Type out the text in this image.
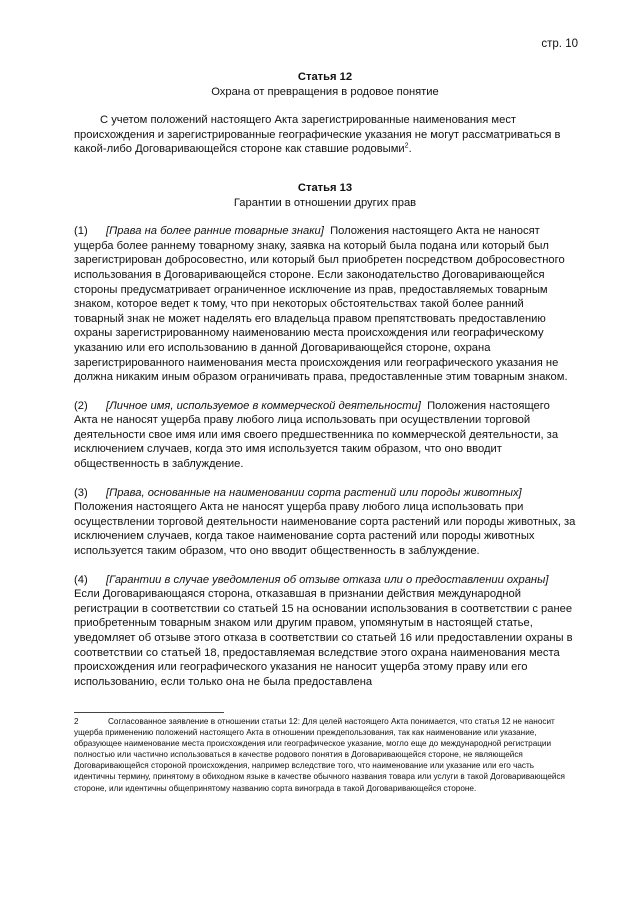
стр. 10

Статья 12

Охрана от превращения в родовое понятие

С учетом положений настоящего Акта зарегистрированные наименования мест происхождения и зарегистрированные географические указания не могут рассматриваться в какой-либо Договаривающейся стороне как ставшие родовыми$^2$.

Статья 13

Гарантии в отношении других прав

(1) [Права на более ранние товарные знаки] Положения настоящего Акта не наносят ущерба более раннему товарному знаку, заявка на который была подана или который был зарегистрирован добросовестно, или который был приобретен посредством добросовестного использования в Договаривающейся стороне. Если законодательство Договаривающейся стороны предусматривает ограниченное исключение из прав, предоставляемых товарным знаком, которое ведет к тому, что при некоторых обстоятельствах такой более ранний товарный знак не может наделять его владельца правом препятствовать предоставлению охраны зарегистрированному наименованию места происхождения или географическому указанию или его использованию в данной Договаривающейся стороне, охрана зарегистрированного наименования места происхождения или географического указания не должна никаким иным образом ограничивать права, предоставленные этим товарным знаком.

(2) [Личное имя, используемое в коммерческой деятельности] Положения настоящего Акта не наносят ущерба праву любого лица использовать при осуществлении торговой деятельности свое имя или имя своего предшественника по коммерческой деятельности, за исключением случаев, когда это имя используется таким образом, что оно вводит общественность в заблуждение.

(3) [Права, основанные на наименовании сорта растений или породы животных] Положения настоящего Акта не наносят ущерба праву любого лица использовать при осуществлении торговой деятельности наименование сорта растений или породы животных, за исключением случаев, когда такое наименование сорта растений или породы животных используется таким образом, что оно вводит общественность в заблуждение.

(4) [Гарантии в случае уведомления об отзыве отказа или о предоставлении охраны]  Если Договаривающаяся сторона, отказавшая в признании действия международной регистрации в соответствии со статьей 15 на основании использования в соответствии с ранее приобретенным товарным знаком или другим правом, упомянутым в настоящей статье, уведомляет об отзыве этого отказа в соответствии со статьей 16 или предоставлении охраны в соответствии со статьей 18, предоставляемая вследствие этого охрана наименования места происхождения или географического указания не наносит ущерба этому праву или его использованию, если только она не была предоставлена

2	Согласованное заявление в отношении статьи 12: Для целей настоящего Акта понимается, что статья 12 не наносит ущерба применению положений настоящего Акта в отношении преждепользования, так как наименование или указание, образующее наименование места происхождения или географическое указание, могло еще до международной регистрации полностью или частично использоваться в качестве родового понятия в Договаривающейся стороне, не являющейся Договаривающейся стороной происхождения, например вследствие того, что наименование или указание или его часть идентичны термину, принятому в обиходном языке в качестве обычного названия товара или услуги в такой Договаривающейся стороне, или идентичны общепринятому названию сорта винограда в такой Договаривающейся стороне.
